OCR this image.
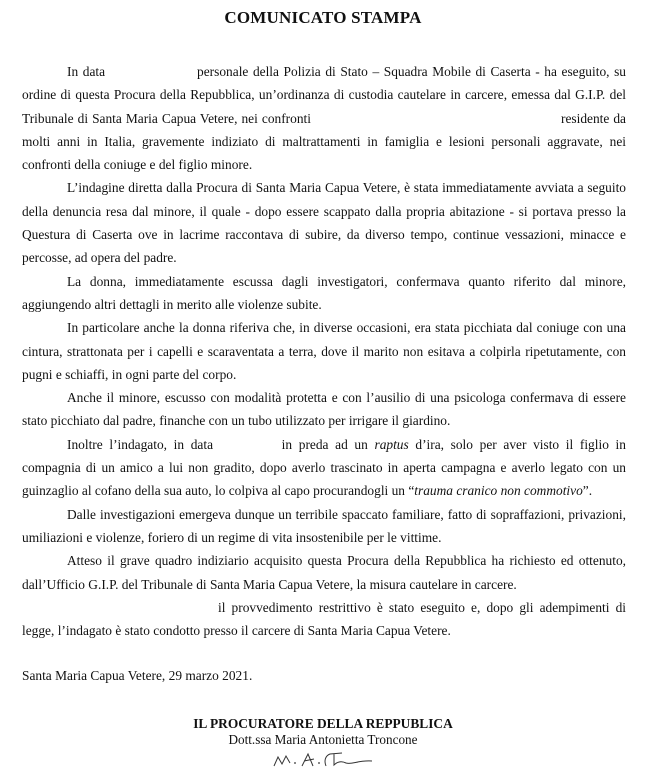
COMUNICATO STAMPA

In data	personale della Polizia di Stato – Squadra Mobile di Caserta - ha eseguito, su ordine di questa Procura della Repubblica, un’ordinanza di custodia cautelare in carcere, emessa dal G.I.P. del Tribunale di Santa Maria Capua Vetere, nei confronti	residente da molti anni in Italia, gravemente indiziato di maltrattamenti in famiglia e lesioni personali aggravate, nei confronti della coniuge e del figlio minore.

L’indagine diretta dalla Procura di Santa Maria Capua Vetere, è stata immediatamente avviata a seguito della denuncia resa dal minore, il quale - dopo essere scappato dalla propria abitazione - si portava presso la Questura di Caserta ove in lacrime raccontava di subire, da diverso tempo, continue vessazioni, minacce e percosse, ad opera del padre.

La donna, immediatamente escussa dagli investigatori, confermava quanto riferito dal minore, aggiungendo altri dettagli in merito alle violenze subite.

In particolare anche la donna riferiva che, in diverse occasioni, era stata picchiata dal coniuge con una cintura, strattonata per i capelli e scaraventata a terra, dove il marito non esitava a colpirla ripetutamente, con pugni e schiaffi, in ogni parte del corpo.

Anche il minore, escusso con modalità protetta e con l’ausilio di una psicologa confermava di essere stato picchiato dal padre, finanche con un tubo utilizzato per irrigare il giardino.

Inoltre l’indagato, in data	in preda ad un raptus d’ira, solo per aver visto il figlio in compagnia di un amico a lui non gradito, dopo averlo trascinato in aperta campagna e averlo legato con un guinzaglio al cofano della sua auto, lo colpiva al capo procurandogli un “trauma cranico non commotivo”.

Dalle investigazioni emergeva dunque un terribile spaccato familiare, fatto di sopraffazioni, privazioni, umiliazioni e violenze, foriero di un regime di vita insostenibile per le vittime.

Atteso il grave quadro indiziario acquisito questa Procura della Repubblica ha richiesto ed ottenuto, dall’Ufficio G.I.P. del Tribunale di Santa Maria Capua Vetere, la misura cautelare in carcere.

il provvedimento restrittivo è stato eseguito e, dopo gli adempimenti di legge, l’indagato è stato condotto presso il carcere di Santa Maria Capua Vetere.

Santa Maria Capua Vetere, 29 marzo 2021.
IL PROCURATORE DELLA REPPUBLICA
Dott.ssa Maria Antonietta Troncone
